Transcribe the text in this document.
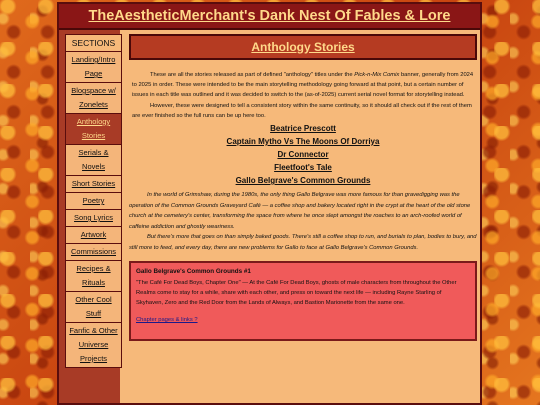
TheAestheticMerchant's Dank Nest Of Fables & Lore
SECTIONS
Landing/Intro Page
Blogspace w/ Zonelets
Anthology Stories
Serials & Novels
Short Stories
Poetry
Song Lyrics
Artwork
Commissions
Recipes & Rituals
Other Cool Stuff
Fanfic & Other Universe Projects
Anthology Stories

These are all the stories released as part of defined "anthology" titles under the Pick-n-Mix Comix banner, generally from 2024 to 2025 in order. These were intended to be the main storytelling methodology going forward at that point, but a certain number of issues in each title was outlined and it was decided to switch to the (as-of-2025) current serial novel format for storytelling instead.

However, these were designed to tell a consistent story within the same continuity, so it should all check out if the rest of them are ever finished so the full runs can be up here too.

Beatrice Prescott
Captain Mytho Vs The Moons Of Dorriya
Dr Connector
Fleetfoot's Tale
Gallo Belgrave's Common Grounds

In the world of Grimshaw, during the 1980s, the only thing Gallo Belgrave was more famous for than gravedigging was the operation of the Common Grounds Graveyard Café — a coffee shop and bakery located right in the crypt at the heart of the old stone church at the cemetery's center, transforming the space from where he once slept amongst the roaches to an arch-roofed world of caffeine addiction and ghostly weariness.

But there's more that goes on than simply baked goods. There's still a coffee shop to run, and burials to plan, bodies to bury, and still more to feed, and every day, there are new problems for Gallo to face at Gallo Belgrave's Common Grounds.

Gallo Belgrave's Common Grounds #1
"The Café For Dead Boys, Chapter One" — At the Café For Dead Boys, ghosts of male characters from throughout the Other Realms come to stay for a while, share with each other, and press on toward the next life — including Rayne Starling of Skyhaven, Zero and the Red Door from the Lands of Always, and Bastion Marionette from the same one.
Chapter pages & links ?
